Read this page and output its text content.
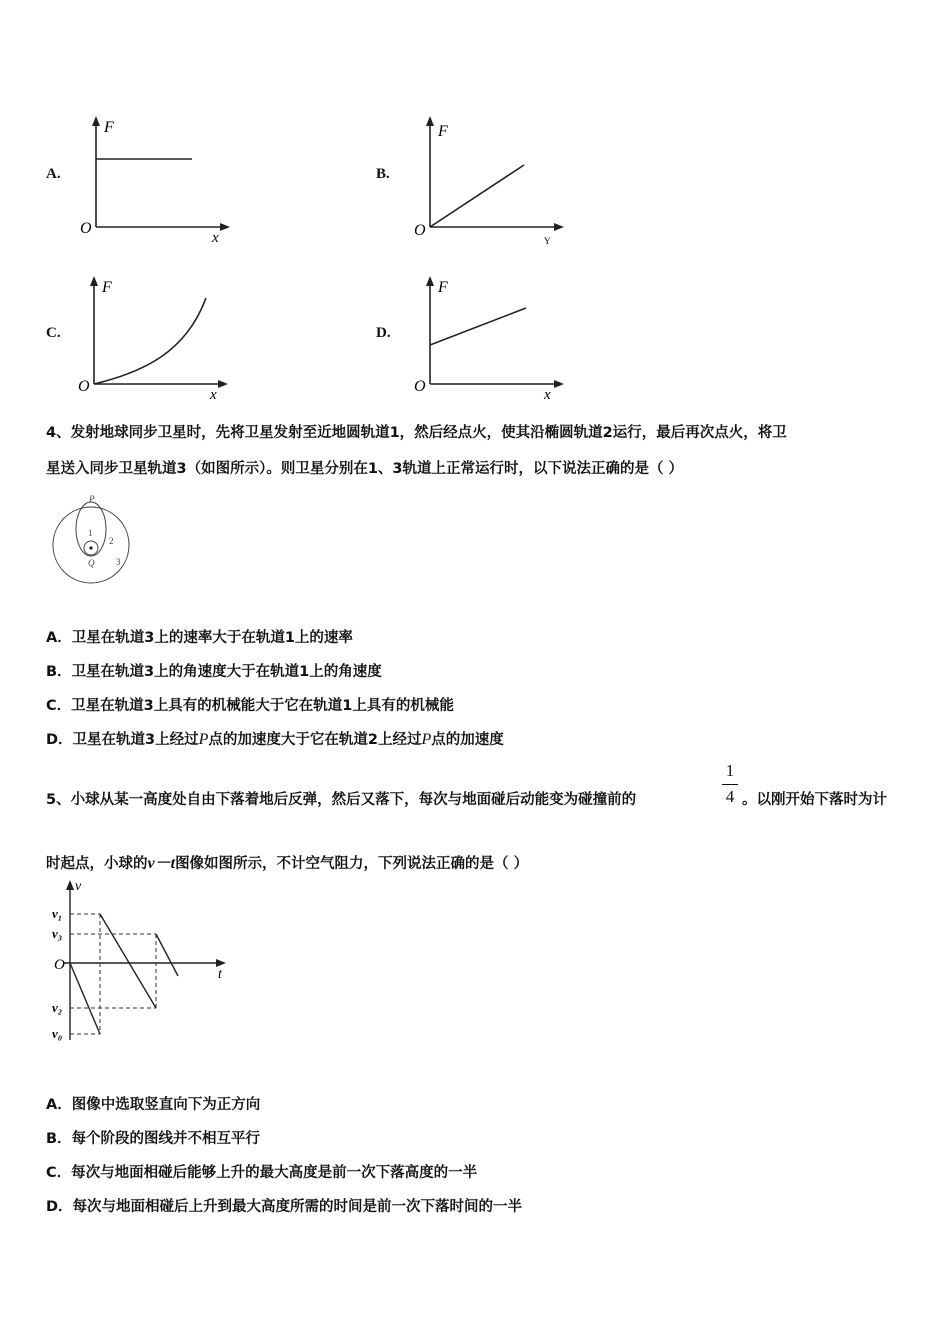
A.
F
x
O
B.
F
Y
O
C.
F
x
O
D.
F
x
O
4、发射地球同步卫星时，先将卫星发射至近地圆轨道1，然后经点火，使其沿椭圆轨道2运行，最后再次点火，将卫
星送入同步卫星轨道3（如图所示）。则卫星分别在1、3轨道上正常运行时，以下说法正确的是（ ）
P
Q
1
2
3
A．卫星在轨道3上的速率大于在轨道1上的速率
B．卫星在轨道3上的角速度大于在轨道1上的角速度
C．卫星在轨道3上具有的机械能大于它在轨道1上具有的机械能
D．卫星在轨道3上经过P点的加速度大于它在轨道2上经过P点的加速度
5、小球从某一高度处自由下落着地后反弹，然后又落下，每次与地面碰后动能变为碰撞前的
1
4 。以刚开始下落时为计
时起点，小球的v－t图像如图所示，不计空气阻力，下列说法正确的是（ ）
v
t
O
v₁
v₃
v₂
v₀
A．图像中选取竖直向下为正方向
B．每个阶段的图线并不相互平行
C．每次与地面相碰后能够上升的最大高度是前一次下落高度的一半
D．每次与地面相碰后上升到最大高度所需的时间是前一次下落时间的一半
